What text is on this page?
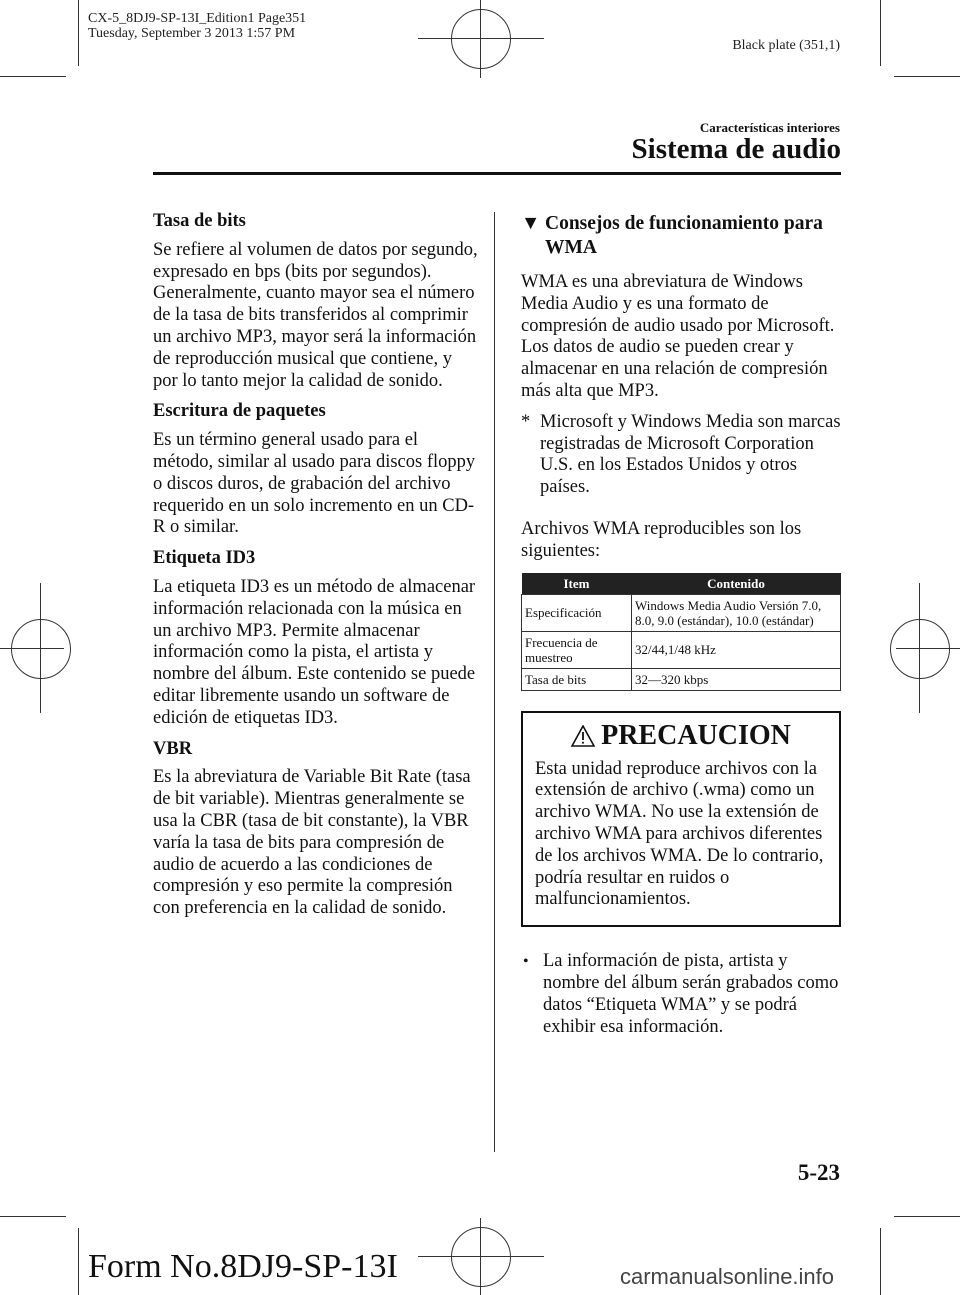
CX-5_8DJ9-SP-13I_Edition1 Page351
Tuesday, September 3 2013 1:57 PM
Black plate (351,1)
Características interiores
Sistema de audio

Tasa de bits

Se refiere al volumen de datos por segundo, expresado en bps (bits por segundos). Generalmente, cuanto mayor sea el número de la tasa de bits transferidos al comprimir un archivo MP3, mayor será la información de reproducción musical que contiene, y por lo tanto mejor la calidad de sonido.

Escritura de paquetes

Es un término general usado para el método, similar al usado para discos floppy o discos duros, de grabación del archivo requerido en un solo incremento en un CD-R o similar.

Etiqueta ID3

La etiqueta ID3 es un método de almacenar información relacionada con la música en un archivo MP3. Permite almacenar información como la pista, el artista y nombre del álbum. Este contenido se puede editar libremente usando un software de edición de etiquetas ID3.

VBR

Es la abreviatura de Variable Bit Rate (tasa de bit variable). Mientras generalmente se usa la CBR (tasa de bit constante), la VBR varía la tasa de bits para compresión de audio de acuerdo a las condiciones de compresión y eso permite la compresión con preferencia en la calidad de sonido.

▼ Consejos de funcionamiento para WMA

WMA es una abreviatura de Windows Media Audio y es una formato de compresión de audio usado por Microsoft. Los datos de audio se pueden crear y almacenar en una relación de compresión más alta que MP3.

* Microsoft y Windows Media son marcas registradas de Microsoft Corporation U.S. en los Estados Unidos y otros países.

Archivos WMA reproducibles son los siguientes:

Item	Contenido
Especificación	Windows Media Audio Versión 7.0, 8.0, 9.0 (estándar), 10.0 (estándar)
Frecuencia de muestreo	32/44,1/48 kHz
Tasa de bits	32―320 kbps
PRECAUCION
Esta unidad reproduce archivos con la extensión de archivo (.wma) como un archivo WMA. No use la extensión de archivo WMA para archivos diferentes de los archivos WMA. De lo contrario, podría resultar en ruidos o malfuncionamientos.
• La información de pista, artista y nombre del álbum serán grabados como datos “Etiqueta WMA” y se podrá exhibir esa información.
5-23
Form No.8DJ9-SP-13I	carmanualsonline.info
